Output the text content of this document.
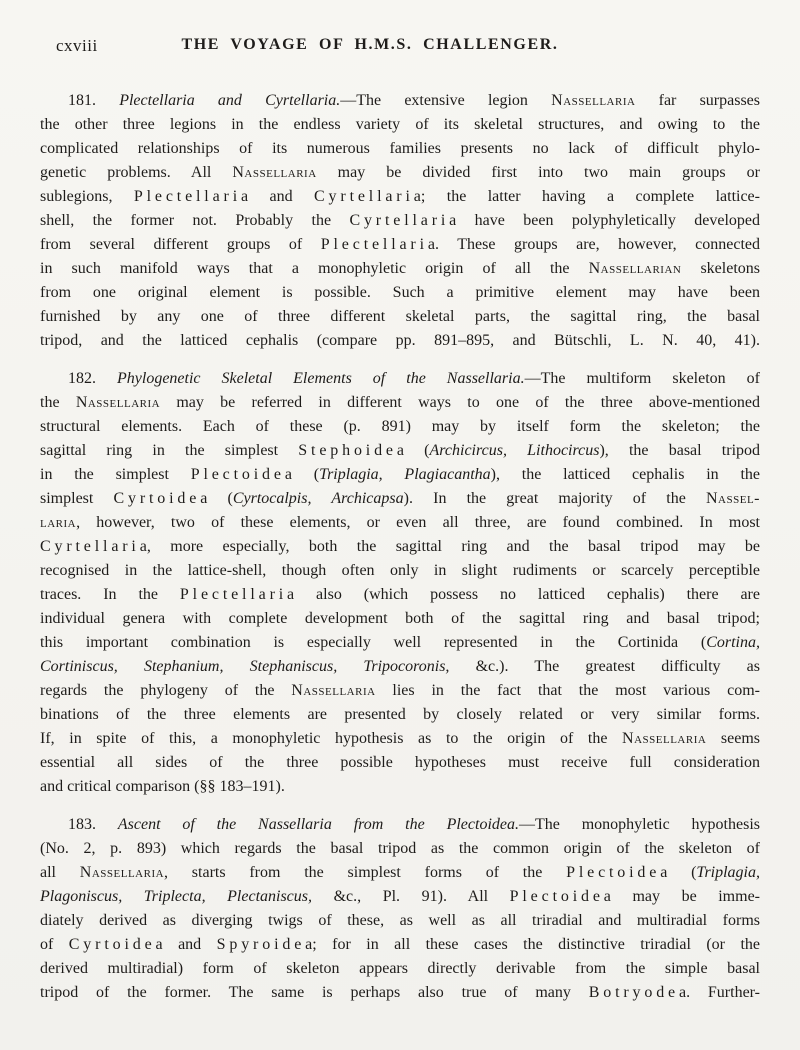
cxviii	THE VOYAGE OF H.M.S. CHALLENGER.
181. Plectellaria and Cyrtellaria.—The extensive legion Nassellaria far surpasses
the other three legions in the endless variety of its skeletal structures, and owing to the
complicated relationships of its numerous families presents no lack of difficult phylo-
genetic problems. All Nassellaria may be divided first into two main groups or
sublegions, Plectellaria and Cyrtellaria; the latter having a complete lattice-
shell, the former not. Probably the Cyrtellaria have been polyphyletically developed
from several different groups of Plectellaria. These groups are, however, connected
in such manifold ways that a monophyletic origin of all the Nassellarian skeletons
from one original element is possible. Such a primitive element may have been
furnished by any one of three different skeletal parts, the sagittal ring, the basal
tripod, and the latticed cephalis (compare pp. 891–895, and Bütschli, L. N. 40, 41).
182. Phylogenetic Skeletal Elements of the Nassellaria.—The multiform skeleton of
the Nassellaria may be referred in different ways to one of the three above-mentioned
structural elements. Each of these (p. 891) may by itself form the skeleton; the
sagittal ring in the simplest Stephoidea (Archicircus, Lithocircus), the basal tripod
in the simplest Plectoidea (Triplagia, Plagiacantha), the latticed cephalis in the
simplest Cyrtoidea (Cyrtocalpis, Archicapsa). In the great majority of the Nassel-
laria, however, two of these elements, or even all three, are found combined. In most
Cyrtellaria, more especially, both the sagittal ring and the basal tripod may be
recognised in the lattice-shell, though often only in slight rudiments or scarcely perceptible
traces. In the Plectellaria also (which possess no latticed cephalis) there are
individual genera with complete development both of the sagittal ring and basal tripod;
this important combination is especially well represented in the Cortinida (Cortina,
Cortiniscus, Stephanium, Stephaniscus, Tripocoronis, &c.). The greatest difficulty as
regards the phylogeny of the Nassellaria lies in the fact that the most various com-
binations of the three elements are presented by closely related or very similar forms.
If, in spite of this, a monophyletic hypothesis as to the origin of the Nassellaria seems
essential all sides of the three possible hypotheses must receive full consideration
and critical comparison (§§ 183–191).
183. Ascent of the Nassellaria from the Plectoidea.—The monophyletic hypothesis
(No. 2, p. 893) which regards the basal tripod as the common origin of the skeleton of
all Nassellaria, starts from the simplest forms of the Plectoidea (Triplagia,
Plagoniscus, Triplecta, Plectaniscus, &c., Pl. 91). All Plectoidea may be imme-
diately derived as diverging twigs of these, as well as all triradial and multiradial forms
of Cyrtoidea and Spyroidea; for in all these cases the distinctive triradial (or the
derived multiradial) form of skeleton appears directly derivable from the simple basal
tripod of the former. The same is perhaps also true of many Botryodea. Further-
